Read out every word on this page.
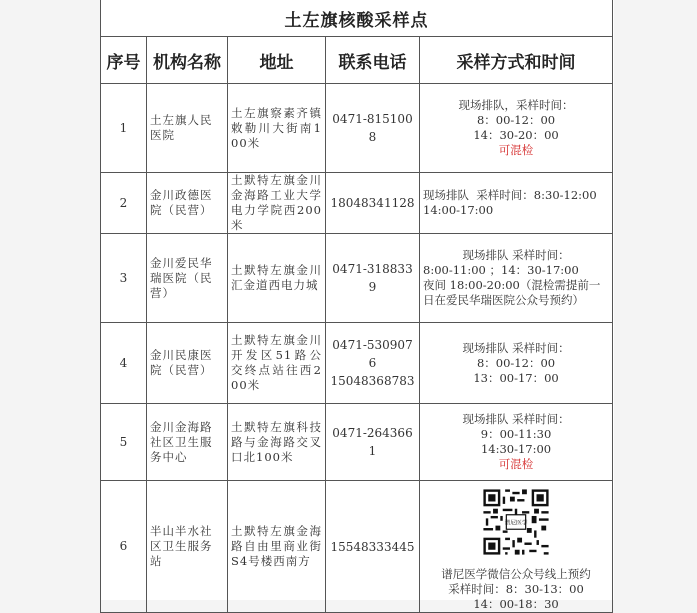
土左旗核酸采样点				
序号	机构名称	地址	联系电话	采样方式和时间
1	土左旗人民医院	土左旗察素齐镇敕勒川大街南100米	0471-8151008	现场排队，采样时间：
8：00-12：00
14：30-20：00
可混检

2	金川政德医院（民营）	土默特左旗金川金海路工业大学电力学院西200米	18048341128	现场排队  采样时间：8:30-12:00          14:00-17:00

3	金川爱民华瑞医院（民营）	土默特左旗金川汇金道西电力城	0471-3188339	现场排队 采样时间：
8:00-11:00 ；14：30-17:00
夜间 18:00-20:00（混检需提前一日在爱民华瑞医院公众号预约）

4	金川民康医院（民营）	土默特左旗金川开发区51路公交终点站往西200米	0471-5309076
15048368783	现场排队 采样时间：
8：00-12：00
13：00-17：00

5	金川金海路社区卫生服务中心	土默特左旗科技路与金海路交叉口北100米	0471-2643661	现场排队 采样时间：
9：00-11:30
14:30-17:00
可混检

6	半山半水社区卫生服务站	土默特左旗金海路自由里商业街S4号楼西南方	15548333445	谱尼医学
谱尼医学微信公众号线上预约
采样时间：8：30-13：00
14：00-18：30
